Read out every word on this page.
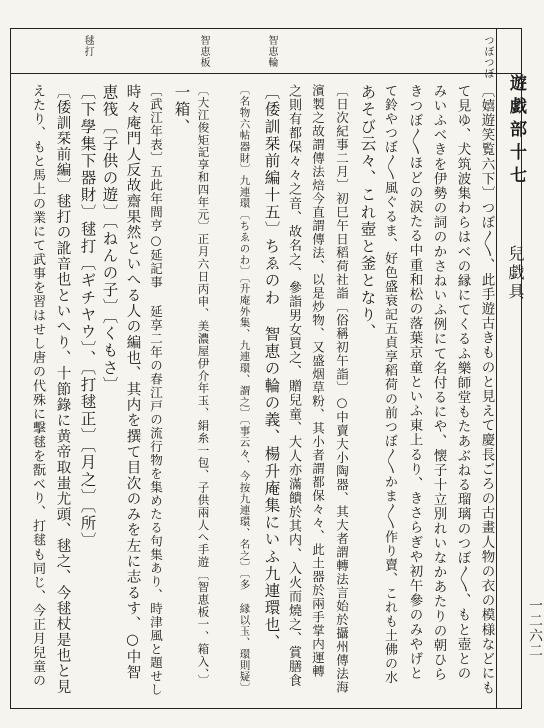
遊戯部十七
兒戯具
一二六二
つぼつぼ
智恵輪
智恵板
毬打
〔嬉遊笑覧六下〕つぼ〳〵、此手遊古きものと見えて慶長ごろの古畫人物の衣の模様などにも
て見ゆ、犬筑波集わらはべの縁にてくるふ樂師堂もたあぶねる瑠璃のつぼ〳〵、もと壺との
みいふべきを伊勢の詞のかさねいふ例にて名付るにや、懐子十立別れいなかあたりの朝ひら
きつぼ〳〵ほどの涙たる中重和松の落葉京童といふ東上るり、きさらぎや初午參のみやげと
て鈴やつぼ〳〵風ぐるま、好色盛衰記五貞享稻荷の前つぼ〳〵かま〳〵作り賣、これも土佛の水
あそび云々、これ壺と釜となり、
〔日次紀事二月〕初巳午日稻荷社詣〔俗稱初午詣〕○中賣大小陶器、其大者謂轉法言始於攝州傳法海
濱製之故謂傳法焙今直謂傳法、以是炒物、又盛烟草粉、其小者謂都保々々、此土器於兩手掌内運轉
之則有都保々々之音、故名之、參詣男女買之、贈兒童、大人亦滿饋於其内、入火而燒之、賞膳食
〔倭訓栞前編十五〕ちゑのわ 智恵の輪の義、楊升庵集にいふ九連環也、
〔名物六帖器財〕九連環〔ちゑのわ〕〔升庵外集、九連環、謂之〕〔事云々、今按九連環、名之〕〔多 縁以玉、環則疑〕
〔大江俊矩記享和四年元〕正月六日丙申、美濃屋伊介年玉、絹糸一包、子供兩人へ手遊〔智恵板一、箱入、〕
一箱、
〔武江年表〕五此年間亨○延記事 延享二年の春江戸の流行物を集めたる句集あり、時津風と題せし
時々庵門人反故齋果然といへる人の編也、其内を撰て目次のみを左に志るす、○中智
恵筏〔子供の遊〕〔ねんの子〕〔くもさ〕
〔下學集下器財〕毬打〔ギチヤウ〕、〔打毬正〕〔月之〕〔所〕
〔倭訓栞前編〕毬打の訛音也といへり、十節錄に黄帝取蚩尤頭、毬之、今毬杖是也と見
えたり、もと馬上の業にて武事を習はせし唐の代殊に擊毬を翫べり、打毬も同じ、今正月兒童の
